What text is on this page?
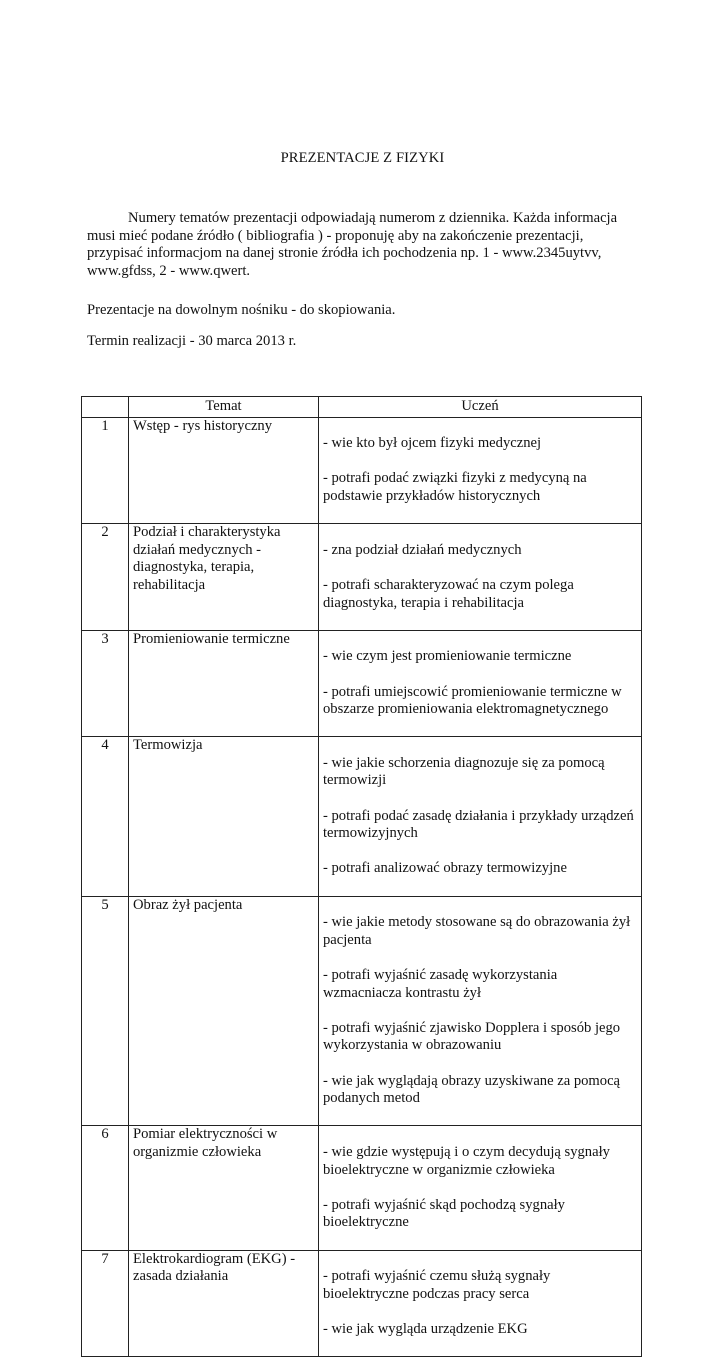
PREZENTACJE Z FIZYKI
Numery tematów prezentacji odpowiadają numerom z dziennika. Każda informacja
musi mieć podane źródło ( bibliografia ) - proponuję aby na zakończenie prezentacji,
przypisać informacjom na danej stronie źródła ich pochodzenia np. 1 - www.2345uytvv,
www.gfdss, 2 - www.qwert.
Prezentacje na dowolnym nośniku - do skopiowania.
Termin realizacji - 30 marca 2013 r.
	Temat	Uczeń
1	Wstęp - rys historyczny	- wie kto był ojcem fizyki medycznej

- potrafi podać związki fizyki z medycyną na podstawie przykładów historycznych

2	Podział i charakterystyka działań medycznych - diagnostyka, terapia, rehabilitacja	- zna podział działań medycznych

- potrafi scharakteryzować na czym polega diagnostyka, terapia i rehabilitacja

3	Promieniowanie termiczne	- wie czym jest promieniowanie termiczne

- potrafi umiejscowić promieniowanie termiczne w obszarze promieniowania elektromagnetycznego

4	Termowizja	- wie jakie schorzenia diagnozuje się za pomocą termowizji

- potrafi podać zasadę działania i przykłady urządzeń termowizyjnych

- potrafi analizować obrazy termowizyjne

5	Obraz żył pacjenta	- wie jakie metody stosowane są do obrazowania żył pacjenta

- potrafi wyjaśnić zasadę wykorzystania wzmacniacza kontrastu żył

- potrafi wyjaśnić zjawisko Dopplera i sposób jego wykorzystania w obrazowaniu

- wie jak wyglądają obrazy uzyskiwane za pomocą podanych metod

6	Pomiar elektryczności w organizmie człowieka	- wie gdzie występują i o czym decydują sygnały bioelektryczne w organizmie człowieka

- potrafi wyjaśnić skąd pochodzą sygnały bioelektryczne

7	Elektrokardiogram (EKG) - zasada działania	- potrafi wyjaśnić czemu służą sygnały bioelektryczne podczas pracy serca

- wie jak wygląda urządzenie EKG
